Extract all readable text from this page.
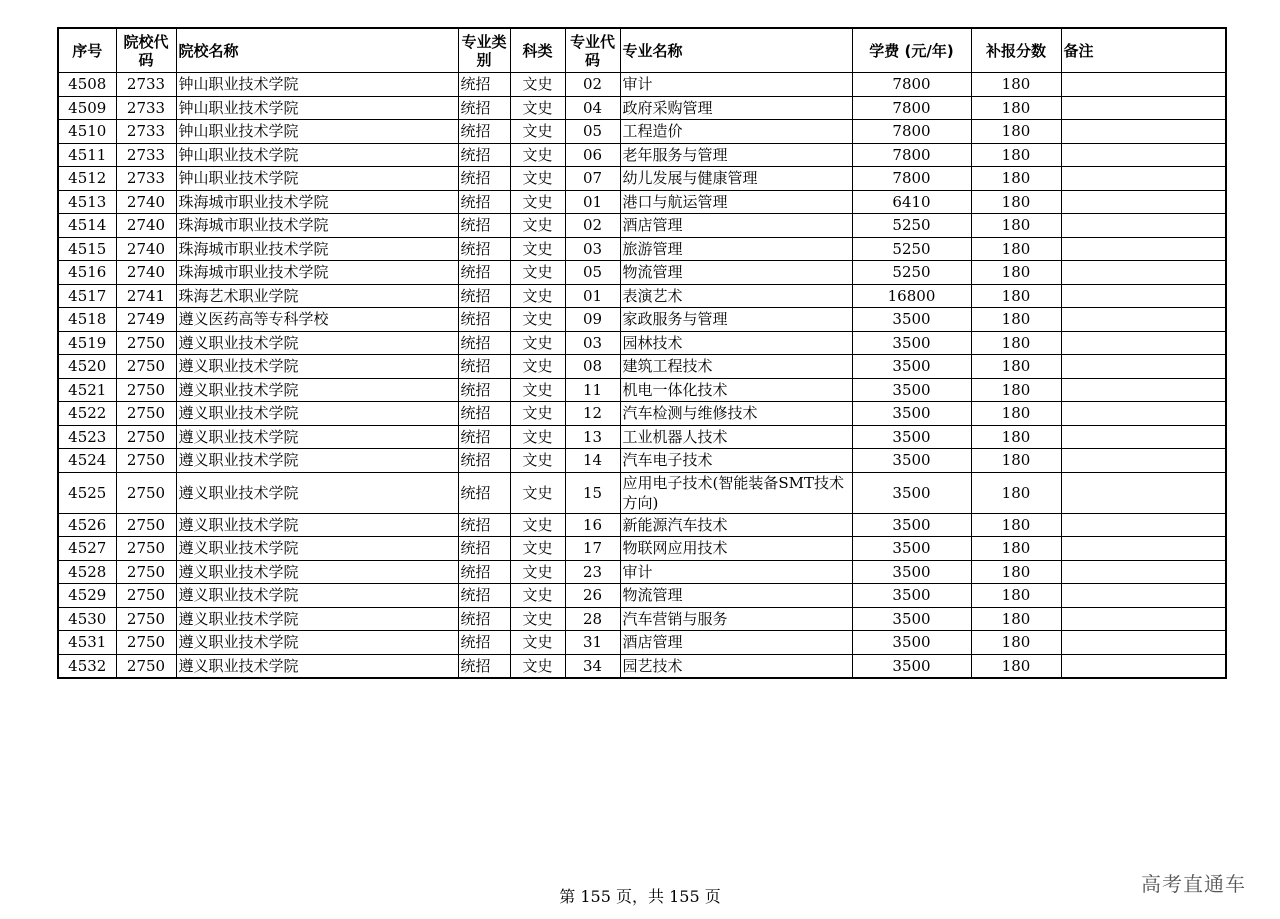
序号	院校代码	院校名称	专业类别	科类	专业代码	专业名称	学费 (元/年)	补报分数	备注
4508	2733	钟山职业技术学院	统招	文史	02	审计	7800	180	
4509	2733	钟山职业技术学院	统招	文史	04	政府采购管理	7800	180	
4510	2733	钟山职业技术学院	统招	文史	05	工程造价	7800	180	
4511	2733	钟山职业技术学院	统招	文史	06	老年服务与管理	7800	180	
4512	2733	钟山职业技术学院	统招	文史	07	幼儿发展与健康管理	7800	180	
4513	2740	珠海城市职业技术学院	统招	文史	01	港口与航运管理	6410	180	
4514	2740	珠海城市职业技术学院	统招	文史	02	酒店管理	5250	180	
4515	2740	珠海城市职业技术学院	统招	文史	03	旅游管理	5250	180	
4516	2740	珠海城市职业技术学院	统招	文史	05	物流管理	5250	180	
4517	2741	珠海艺术职业学院	统招	文史	01	表演艺术	16800	180	
4518	2749	遵义医药高等专科学校	统招	文史	09	家政服务与管理	3500	180	
4519	2750	遵义职业技术学院	统招	文史	03	园林技术	3500	180	
4520	2750	遵义职业技术学院	统招	文史	08	建筑工程技术	3500	180	
4521	2750	遵义职业技术学院	统招	文史	11	机电一体化技术	3500	180	
4522	2750	遵义职业技术学院	统招	文史	12	汽车检测与维修技术	3500	180	
4523	2750	遵义职业技术学院	统招	文史	13	工业机器人技术	3500	180	
4524	2750	遵义职业技术学院	统招	文史	14	汽车电子技术	3500	180	
4525	2750	遵义职业技术学院	统招	文史	15	应用电子技术(智能装备SMT技术方向)	3500	180	
4526	2750	遵义职业技术学院	统招	文史	16	新能源汽车技术	3500	180	
4527	2750	遵义职业技术学院	统招	文史	17	物联网应用技术	3500	180	
4528	2750	遵义职业技术学院	统招	文史	23	审计	3500	180	
4529	2750	遵义职业技术学院	统招	文史	26	物流管理	3500	180	
4530	2750	遵义职业技术学院	统招	文史	28	汽车营销与服务	3500	180	
4531	2750	遵义职业技术学院	统招	文史	31	酒店管理	3500	180	
4532	2750	遵义职业技术学院	统招	文史	34	园艺技术	3500	180	
第 155 页，共 155 页
高考直通车
